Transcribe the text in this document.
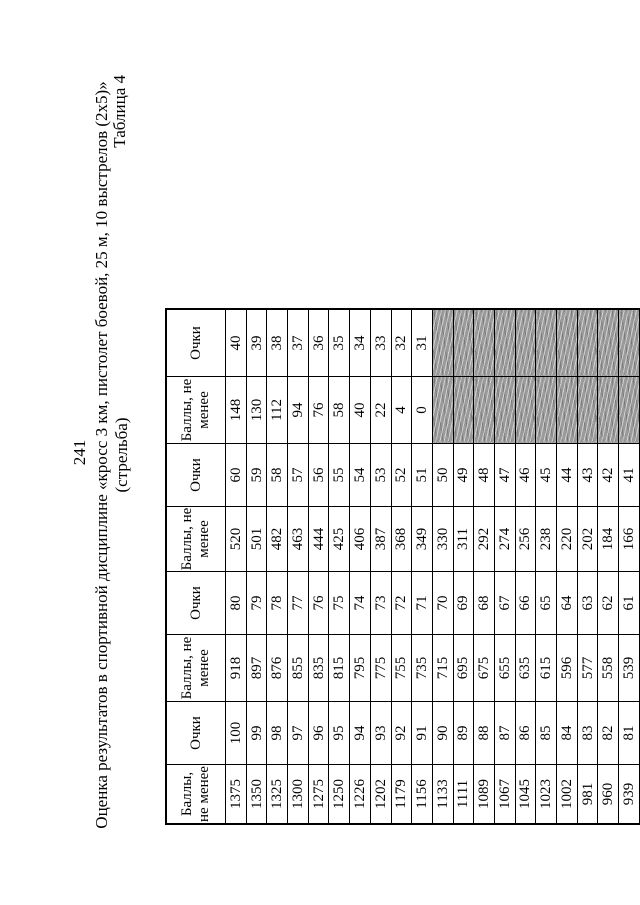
241
Таблица 4
Оценка результатов в спортивной дисциплине «кросс 3 км, пистолет боевой, 25 м, 10 выстрелов (2х5)» (стрельба)
Баллы, не менее	Очки	Баллы, не менее	Очки	Баллы, не менее	Очки	Баллы, не менее	Очки
1375	100	918	80	520	60	148	40
1350	99	897	79	501	59	130	39
1325	98	876	78	482	58	112	38
1300	97	855	77	463	57	94	37
1275	96	835	76	444	56	76	36
1250	95	815	75	425	55	58	35
1226	94	795	74	406	54	40	34
1202	93	775	73	387	53	22	33
1179	92	755	72	368	52	4	32
1156	91	735	71	349	51	0	31
1133	90	715	70	330	50		
1111	89	695	69	311	49		
1089	88	675	68	292	48		
1067	87	655	67	274	47		
1045	86	635	66	256	46		
1023	85	615	65	238	45		
1002	84	596	64	220	44		
981	83	577	63	202	43		
960	82	558	62	184	42		
939	81	539	61	166	41		
